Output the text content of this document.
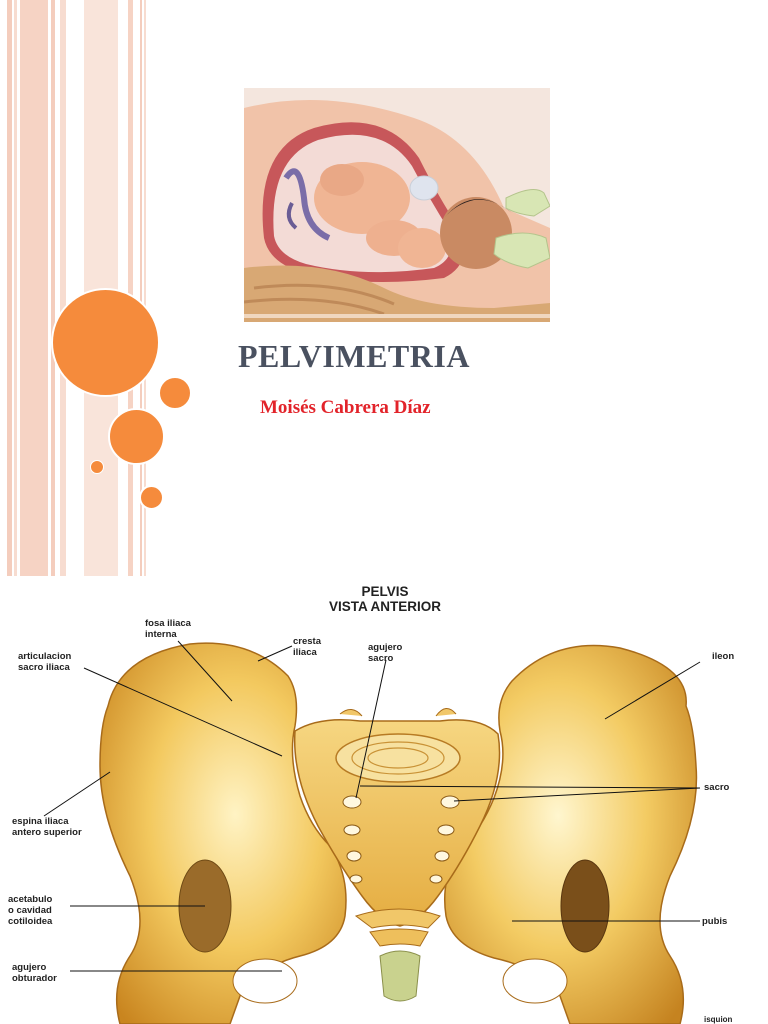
PELVIMETRIA

Moisés Cabrera Díaz

PELVIS
VISTA ANTERIOR
fosa iliaca
interna
cresta
iliaca	agujero
sacro
articulacion
sacro iliaca
ileon
espina iliaca
antero superior
sacro
acetabulo
o cavidad
cotiloidea	pubis
agujero
obturador
isquion
